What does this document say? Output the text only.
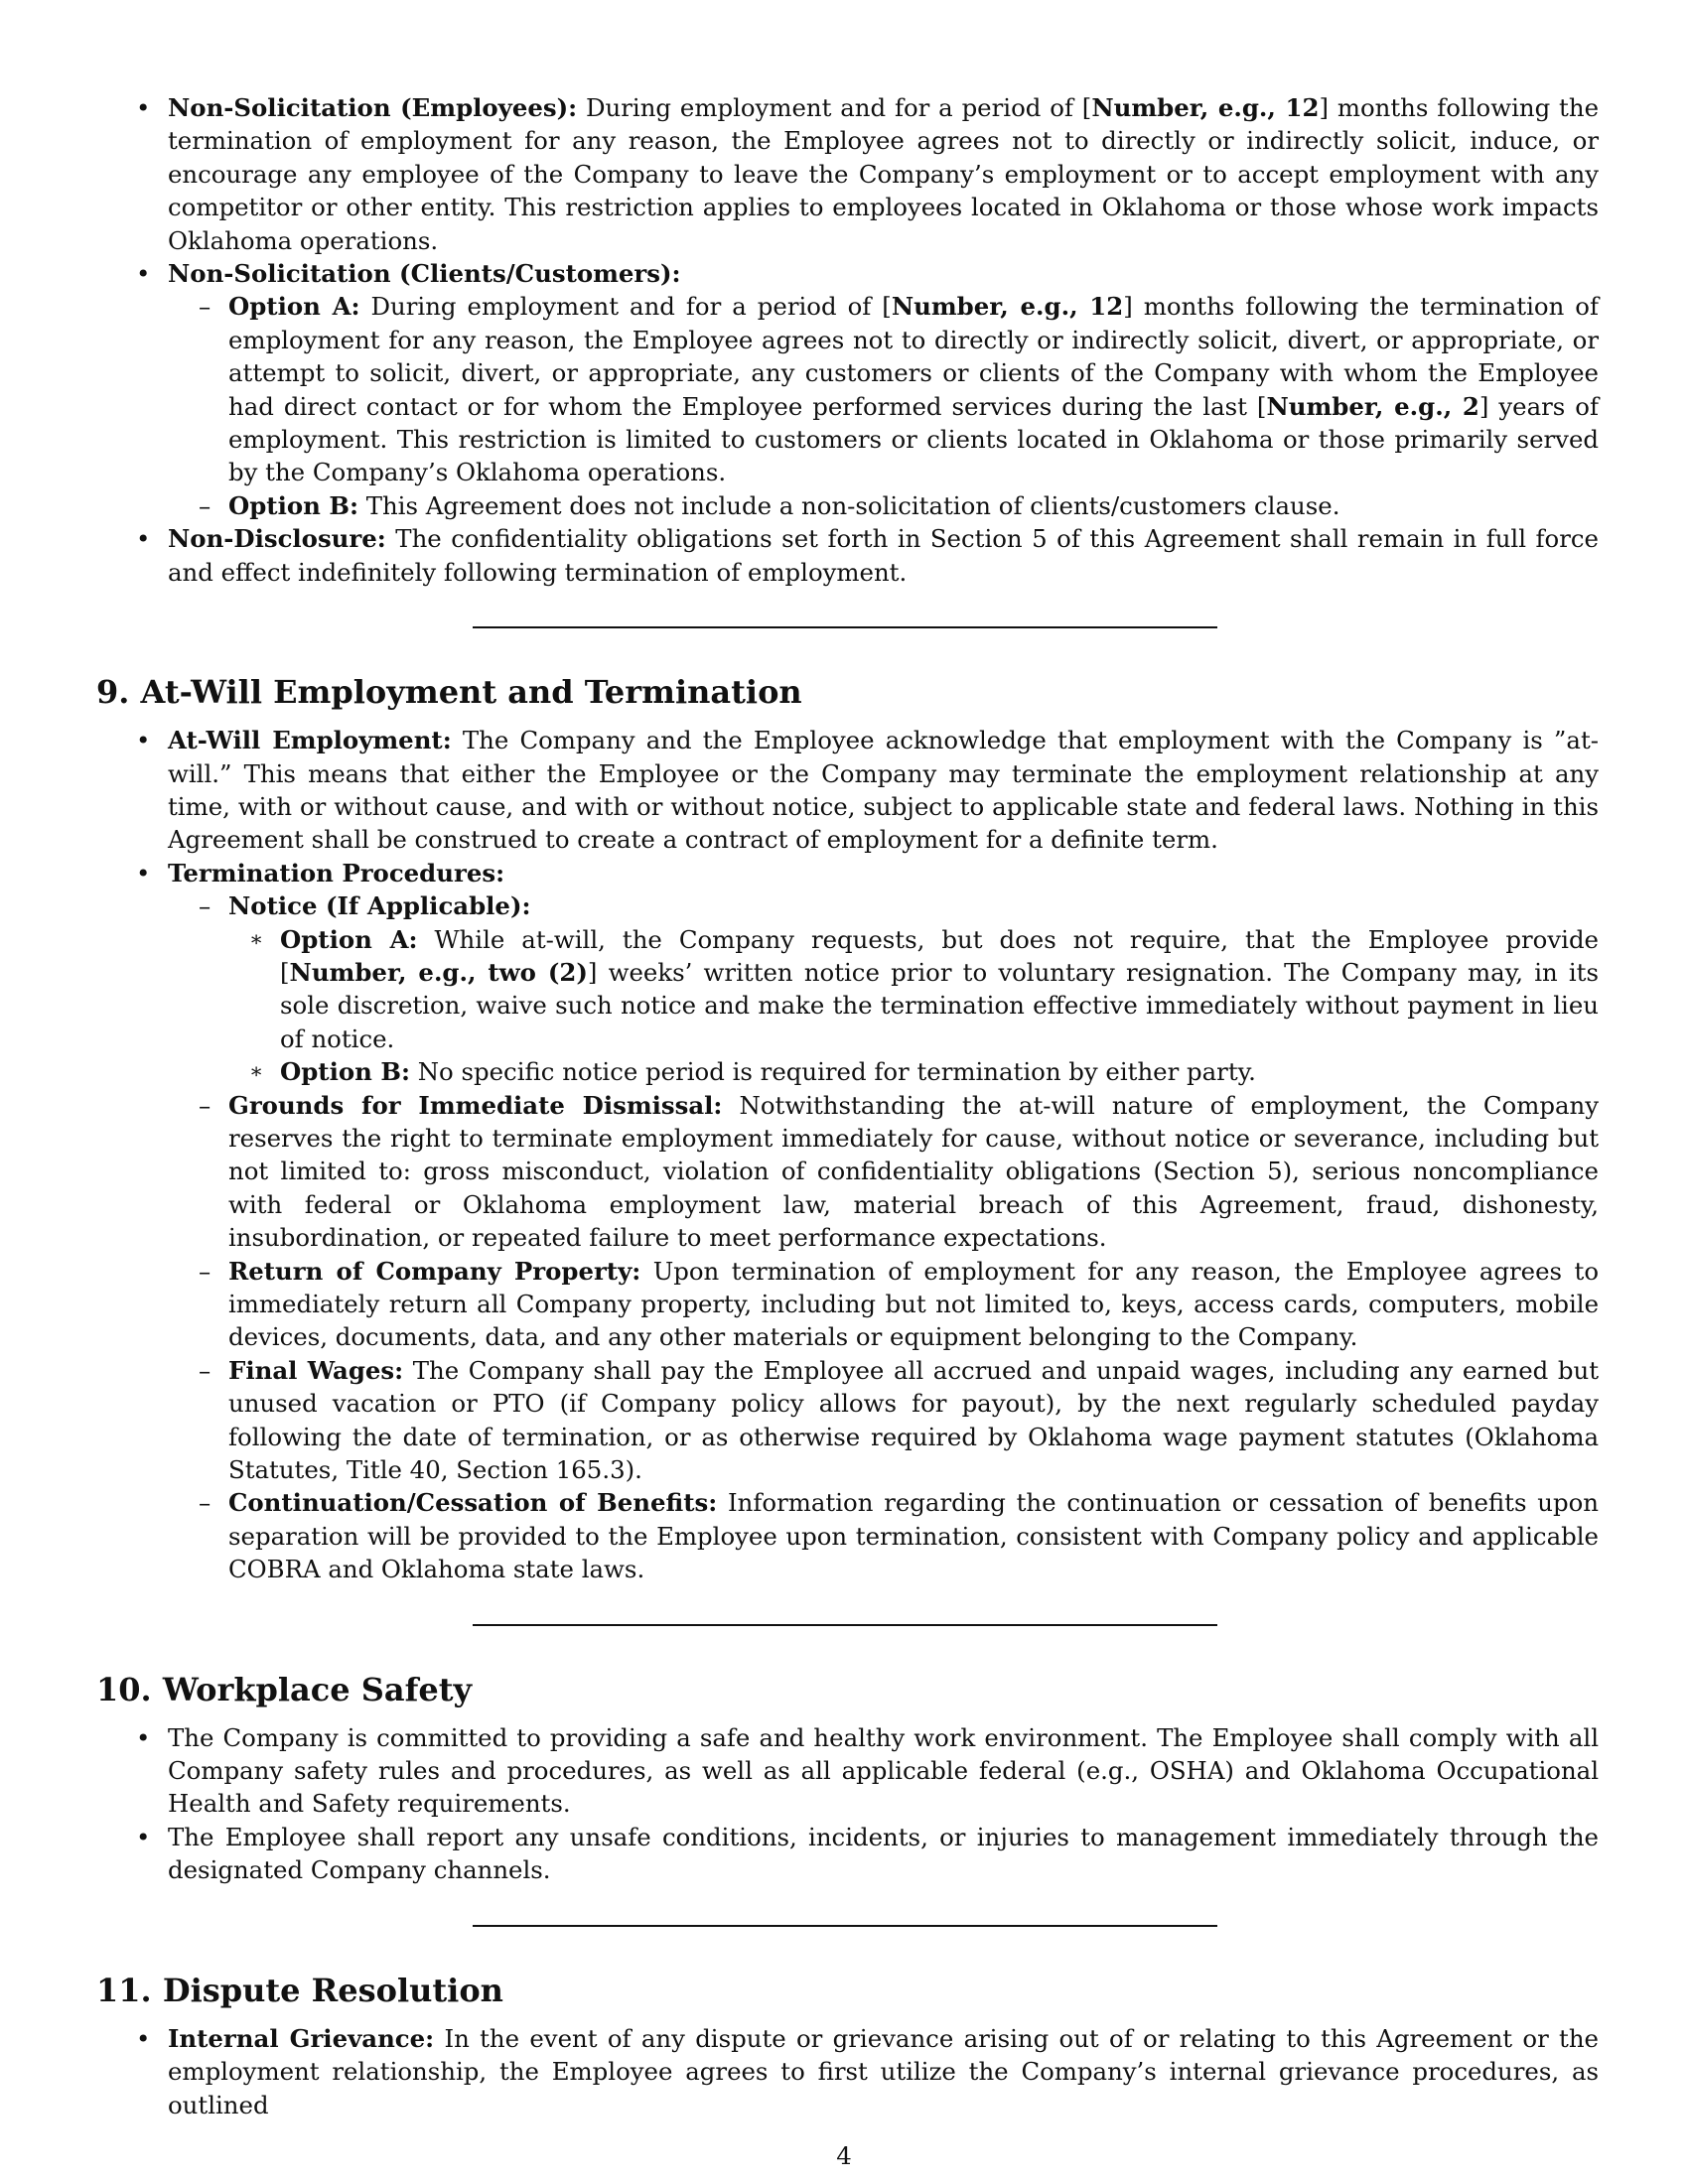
• Non-Solicitation (Employees): During employment and for a period of [Number, e.g., 12] months following the termination of employment for any reason, the Employee agrees not to directly or indirectly solicit, induce, or encourage any employee of the Company to leave the Company’s employment or to accept employment with any competitor or other entity. This restriction applies to employees located in Oklahoma or those whose work impacts Oklahoma operations.

• Non-Solicitation (Clients/Customers):

– Option A: During employment and for a period of [Number, e.g., 12] months following the termination of employment for any reason, the Employee agrees not to directly or indirectly solicit, divert, or appropriate, or attempt to solicit, divert, or appropriate, any customers or clients of the Company with whom the Employee had direct contact or for whom the Employee performed services during the last [Number, e.g., 2] years of employment. This restriction is limited to customers or clients located in Oklahoma or those primarily served by the Company’s Oklahoma operations.

– Option B: This Agreement does not include a non-solicitation of clients/customers clause.

• Non-Disclosure: The confidentiality obligations set forth in Section 5 of this Agreement shall remain in full force and effect indefinitely following termination of employment.

9. At-Will Employment and Termination
• At-Will Employment: The Company and the Employee acknowledge that employment with the Company is ”at-will.” This means that either the Employee or the Company may terminate the employment relationship at any time, with or without cause, and with or without notice, subject to applicable state and federal laws. Nothing in this Agreement shall be construed to create a contract of employment for a definite term.

• Termination Procedures:

– Notice (If Applicable):

∗ Option A: While at-will, the Company requests, but does not require, that the Employee provide [Number, e.g., two (2)] weeks’ written notice prior to voluntary resignation. The Company may, in its sole discretion, waive such notice and make the termination effective immediately without payment in lieu of notice.

∗ Option B: No specific notice period is required for termination by either party.

– Grounds for Immediate Dismissal: Notwithstanding the at-will nature of employment, the Company reserves the right to terminate employment immediately for cause, without notice or severance, including but not limited to: gross misconduct, violation of confidentiality obligations (Section 5), serious noncompliance with federal or Oklahoma employment law, material breach of this Agreement, fraud, dishonesty, insubordination, or repeated failure to meet performance expectations.

– Return of Company Property: Upon termination of employment for any reason, the Employee agrees to immediately return all Company property, including but not limited to, keys, access cards, computers, mobile devices, documents, data, and any other materials or equipment belonging to the Company.

– Final Wages: The Company shall pay the Employee all accrued and unpaid wages, including any earned but unused vacation or PTO (if Company policy allows for payout), by the next regularly scheduled payday following the date of termination, or as otherwise required by Oklahoma wage payment statutes (Oklahoma Statutes, Title 40, Section 165.3).

– Continuation/Cessation of Benefits: Information regarding the continuation or cessation of benefits upon separation will be provided to the Employee upon termination, consistent with Company policy and applicable COBRA and Oklahoma state laws.

10. Workplace Safety
• The Company is committed to providing a safe and healthy work environment. The Employee shall comply with all Company safety rules and procedures, as well as all applicable federal (e.g., OSHA) and Oklahoma Occupational Health and Safety requirements.

• The Employee shall report any unsafe conditions, incidents, or injuries to management immediately through the designated Company channels.

11. Dispute Resolution
• Internal Grievance: In the event of any dispute or grievance arising out of or relating to this Agreement or the employment relationship, the Employee agrees to first utilize the Company’s internal grievance procedures, as outlined

4
